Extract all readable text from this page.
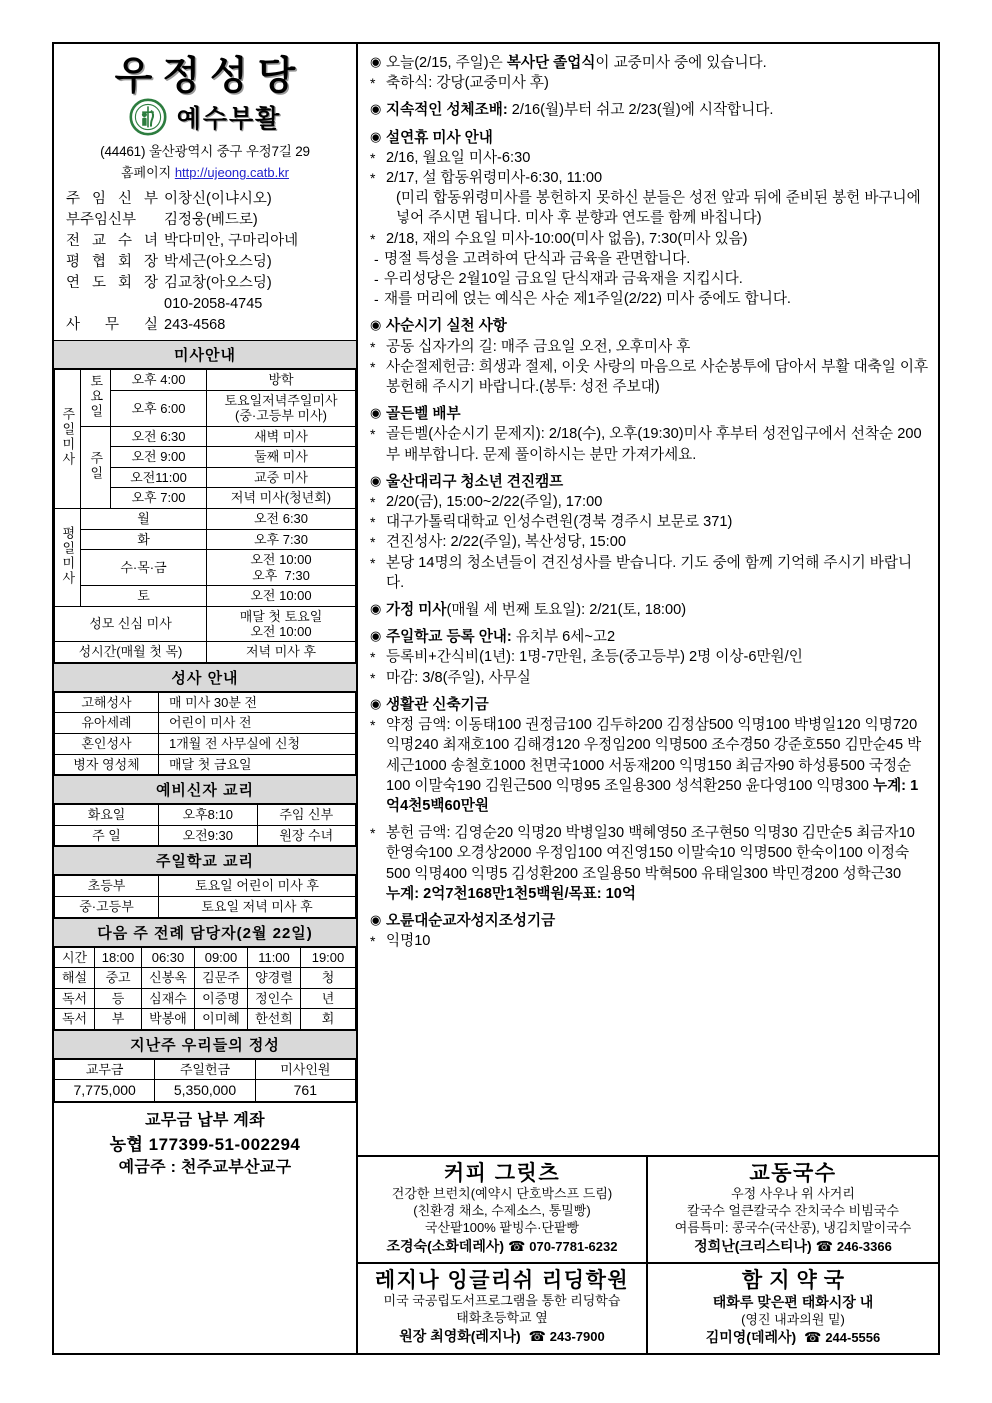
우정성당
예수부활
(44461) 울산광역시 중구 우정7길 29
홈페이지 http://ujeong.catb.kr
주 임 신 부 이창신(이냐시오)
부주임신부	김정웅(베드로)
전 교 수 녀 박다미안, 구마리아네
평 협 회 장 박세근(아오스딩)
연 도 회 장 김교창(아오스딩)
010-2058-4745
사 무 실 243-4568
미사안내
주일미사	토요일	오후 4:00	방학
		오후 6:00	토요일저녁주일미사
(중·고등부 미사)
	주일	오전 6:30	새벽 미사
		오전 9:00	둘째 미사
		오전11:00	교중 미사
		오후 7:00	저녁 미사(청년회)
평일미사	월		오전 6:30
	화		오후 7:30
	수·목·금		오전 10:00
오후  7:30
	토		오전 10:00
성모 신심 미사			매달 첫 토요일
오전 10:00
성시간(매월 첫 목)			저녁 미사 후
성사 안내
고해성사	매 미사 30분 전
유아세례	어린이 미사 전
혼인성사	1개월 전 사무실에 신청
병자 영성체	매달 첫 금요일
예비신자 교리
화요일	오후8:10	주임 신부
주 일	오전9:30	원장 수녀
주일학교 교리
초등부	토요일 어린이 미사 후
중·고등부	토요일 저녁 미사 후
다음 주 전례 담당자(2월 22일)
시간	18:00	06:30	09:00	11:00	19:00
해설	중고	신봉옥	김문주	양경렬	청
독서	등	심재수	이증명	정인수	년
독서	부	박봉애	이미혜	한선희	회
지난주 우리들의 정성
교무금	주일헌금	미사인원
7,775,000	5,350,000	761
교무금 납부 계좌
농협 177399-51-002294
예금주 : 천주교부산교구
◉ 오늘(2/15, 주일)은 복사단 졸업식이 교중미사 중에 있습니다.
* 축하식: 강당(교중미사 후)
◉ 지속적인 성체조배: 2/16(월)부터 쉬고 2/23(월)에 시작합니다.
◉ 설연휴 미사 안내
* 2/16, 월요일 미사-6:30
* 2/17, 설 합동위령미사-6:30, 11:00
(미리 합동위령미사를 봉헌하지 못하신 분들은 성전 앞과 뒤에 준비된 봉헌 바구니에 넣어 주시면 됩니다. 미사 후 분향과 연도를 함께 바칩니다)
* 2/18, 재의 수요일 미사-10:00(미사 없음), 7:30(미사 있음)
- 명절 특성을 고려하여 단식과 금육을 관면합니다.
- 우리성당은 2월10일 금요일 단식재과 금육재을 지킵시다.
- 재를 머리에 얹는 예식은 사순 제1주일(2/22) 미사 중에도 합니다.
◉ 사순시기 실천 사항
* 공동 십자가의 길: 매주 금요일 오전, 오후미사 후
* 사순절제헌금: 희생과 절제, 이웃 사랑의 마음으로 사순봉투에 담아서 부활 대축일 이후 봉헌해 주시기 바랍니다.(봉투: 성전 주보대)
◉ 골든벨 배부
* 골든벨(사순시기 문제지): 2/18(수), 오후(19:30)미사 후부터 성전입구에서 선착순 200부 배부합니다. 문제 풀이하시는 분만 가져가세요.
◉ 울산대리구 청소년 견진캠프
* 2/20(금), 15:00~2/22(주일), 17:00
* 대구가톨릭대학교 인성수련원(경북 경주시 보문로 371)
* 견진성사: 2/22(주일), 복산성당, 15:00
* 본당 14명의 청소년들이 견진성사를 받습니다. 기도 중에 함께 기억해 주시기 바랍니다.
◉ 가정 미사(매월 세 번째 토요일): 2/21(토, 18:00)
◉ 주일학교 등록 안내: 유치부 6세~고2
* 등록비+간식비(1년): 1명-7만원, 초등(중고등부) 2명 이상-6만원/인
* 마감: 3/8(주일), 사무실
◉ 생활관 신축기금
* 약정 금액: 이동태100 권정금100 김두하200 김정삼500 익명100 박병일120 익명720 익명240 최재호100 김해경120 우정임200 익명500 조수경50 강준호550 김만순45 박세근1000 송철호1000 천면국1000 서동재200 익명150 최금자90 하성룡500 국정순100 이말숙190 김원근500 익명95 조일용300 성석환250 윤다영100 익명300 누계: 1억4천5백60만원
* 봉헌 금액: 김영순20 익명20 박병일30 백혜영50 조구현50 익명30 김만순5 최금자10 한영숙100 오경상2000 우정임100 여진영150 이말숙10 익명500 한숙이100 이정숙500 익명400 익명5 김성환200 조일용50 박혁500 유태일300 박민경200 성학근30
누계: 2억7천168만1천5백원/목표: 10억
◉ 오륜대순교자성지조성기금
* 익명10
커피 그릿츠
건강한 브런치(예약시 단호박스프 드림)
(친환경 채소, 수제소스, 통밀빵)
국산팥100% 팥빙수·단팥빵
조경숙(소화데레사) ☎ 070-7781-6232
교동국수
우정 사우나 위 사거리
칼국수 얼큰칼국수 잔치국수 비빔국수
여름특미: 콩국수(국산콩), 냉김치말이국수
정희난(크리스티나) ☎ 246-3366
레지나 잉글리쉬 리딩학원
미국 국공립도서프로그램을 통한 리딩학습
태화초등학교 옆
원장 최영화(레지나) ☎ 243-7900
함지약국
태화루 맞은편 태화시장 내
(영진 내과의원 밑)
김미영(데레사) ☎ 244-5556
